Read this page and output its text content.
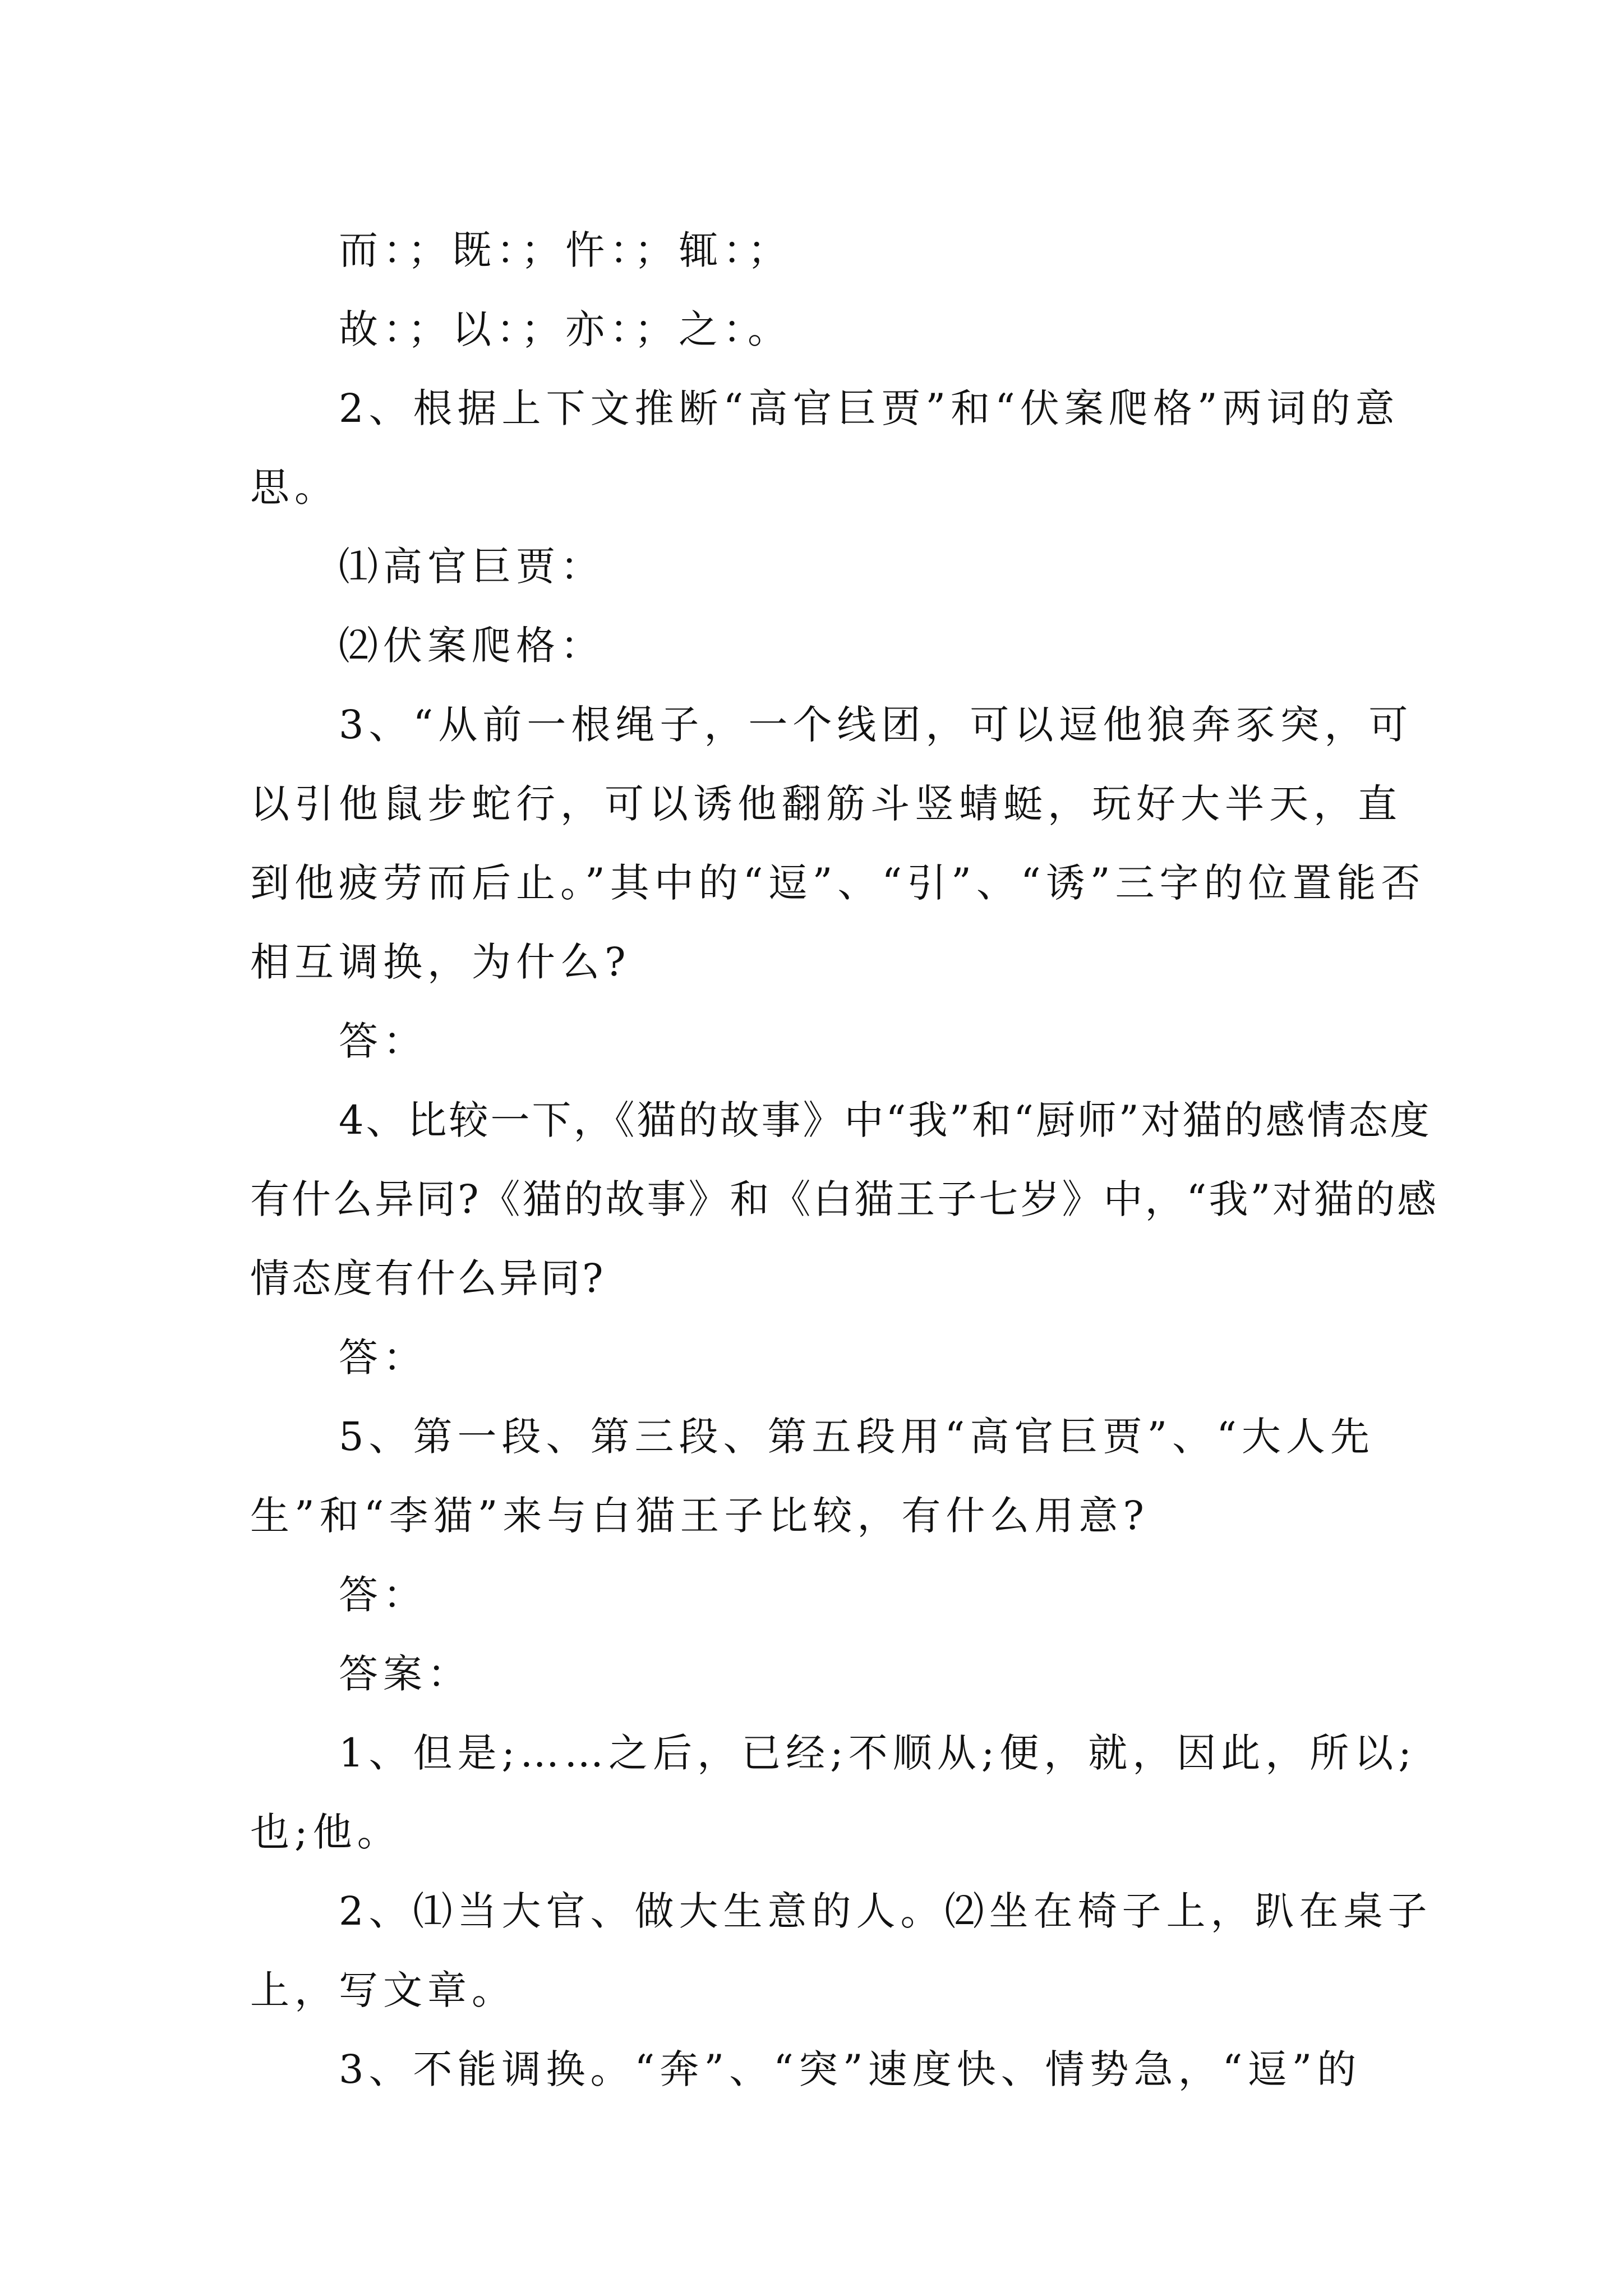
而：；既：；忤：；辄：；

故：；以：；亦：；之：。

2、根据上下文推断“高官巨贾”和“伏案爬格”两词的意思。

⑴高官巨贾：

⑵伏案爬格：

3、“从前一根绳子，一个线团，可以逗他狼奔豕突，可以引他鼠步蛇行，可以诱他翻筋斗竖蜻蜓，玩好大半天，直到他疲劳而后止。”其中的“逗”、“引”、“诱”三字的位置能否相互调换，为什么?

答：

4、比较一下，《猫的故事》中“我”和“厨师”对猫的感情态度有什么异同?《猫的故事》和《白猫王子七岁》中，“我”对猫的感情态度有什么异同?

答：

5、第一段、第三段、第五段用“高官巨贾”、“大人先生”和“李猫”来与白猫王子比较，有什么用意?

答：

答案：

1、但是;……之后，已经;不顺从;便，就，因此，所以;也;他。

2、⑴当大官、做大生意的人。⑵坐在椅子上，趴在桌子上，写文章。

3、不能调换。“奔”、“突”速度快、情势急，“逗”的
